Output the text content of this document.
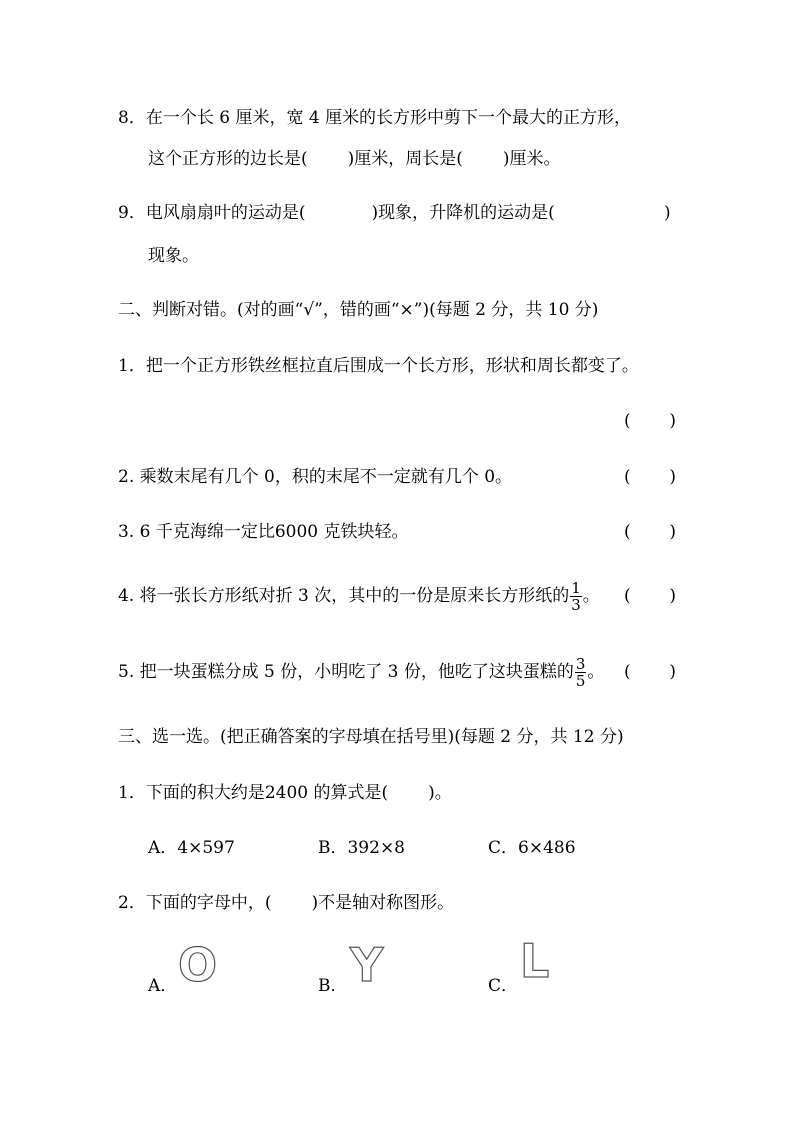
8．在一个长 6 厘米，宽 4 厘米的长方形中剪下一个最大的正方形，
这个正方形的边长是( )厘米，周长是( )厘米。
9．电风扇扇叶的运动是(	)现象，升降机的运动是(	)
现象。
二、判断对错。(对的画“√”，错的画“×”)(每题 2 分，共 10 分)
1．把一个正方形铁丝框拉直后围成一个长方形，形状和周长都变了。
( )
2. 乘数末尾有几个 0，积的末尾不一定就有几个 0。	( )
3. 6 千克海绵一定比6000 克铁块轻。	( )
4. 将一张长方形纸对折 3 次，其中的一份是原来长方形纸的 $\frac{1}{3}$ 。 ( )
5. 把一块蛋糕分成 5 份，小明吃了 3 份，他吃了这块蛋糕的 $\frac{3}{5}$ 。 ( )
三、选一选。(把正确答案的字母填在括号里)(每题 2 分，共 12 分)
1．下面的积大约是2400 的算式是( )。
A．4×597	B．392×8	C．6×486
2．下面的字母中，( )不是轴对称图形。
A． O	B． Y	C． L
